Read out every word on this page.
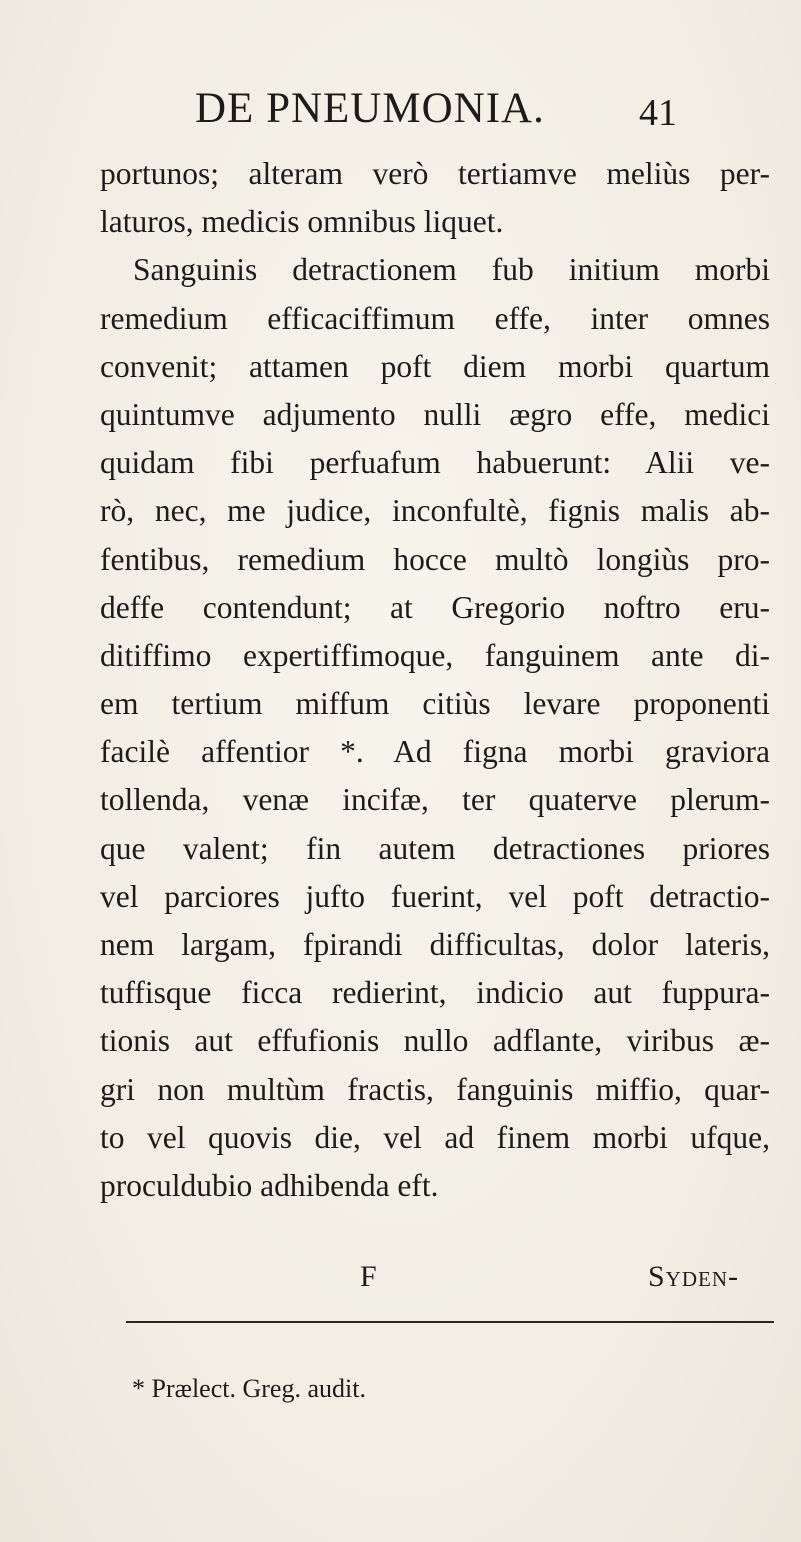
DE PNEUMONIA. 41
portunos; alteram verò tertiamve meliùs per-
laturos, medicis omnibus liquet.
Sanguinis detractionem fub initium morbi
remedium efficaciffimum effe, inter omnes
convenit; attamen poft diem morbi quartum
quintumve adjumento nulli ægro effe, medici
quidam fibi perfuafum habuerunt: Alii ve-
rò, nec, me judice, inconfultè, fignis malis ab-
fentibus, remedium hocce multò longiùs pro-
deffe contendunt; at Gregorio noftro eru-
ditiffimo expertiffimoque, fanguinem ante di-
em tertium miffum citiùs levare proponenti
facilè affentior *. Ad figna morbi graviora
tollenda, venæ incifæ, ter quaterve plerum-
que valent; fin autem detractiones priores
vel parciores jufto fuerint, vel poft detractio-
nem largam, fpirandi difficultas, dolor lateris,
tuffisque ficca redierint, indicio aut fuppura-
tionis aut effufionis nullo adflante, viribus æ-
gri non multùm fractis, fanguinis miffio, quar-
to vel quovis die, vel ad finem morbi ufque,
proculdubio adhibenda eft.
F	Syden-
* Prælect. Greg. audit.
